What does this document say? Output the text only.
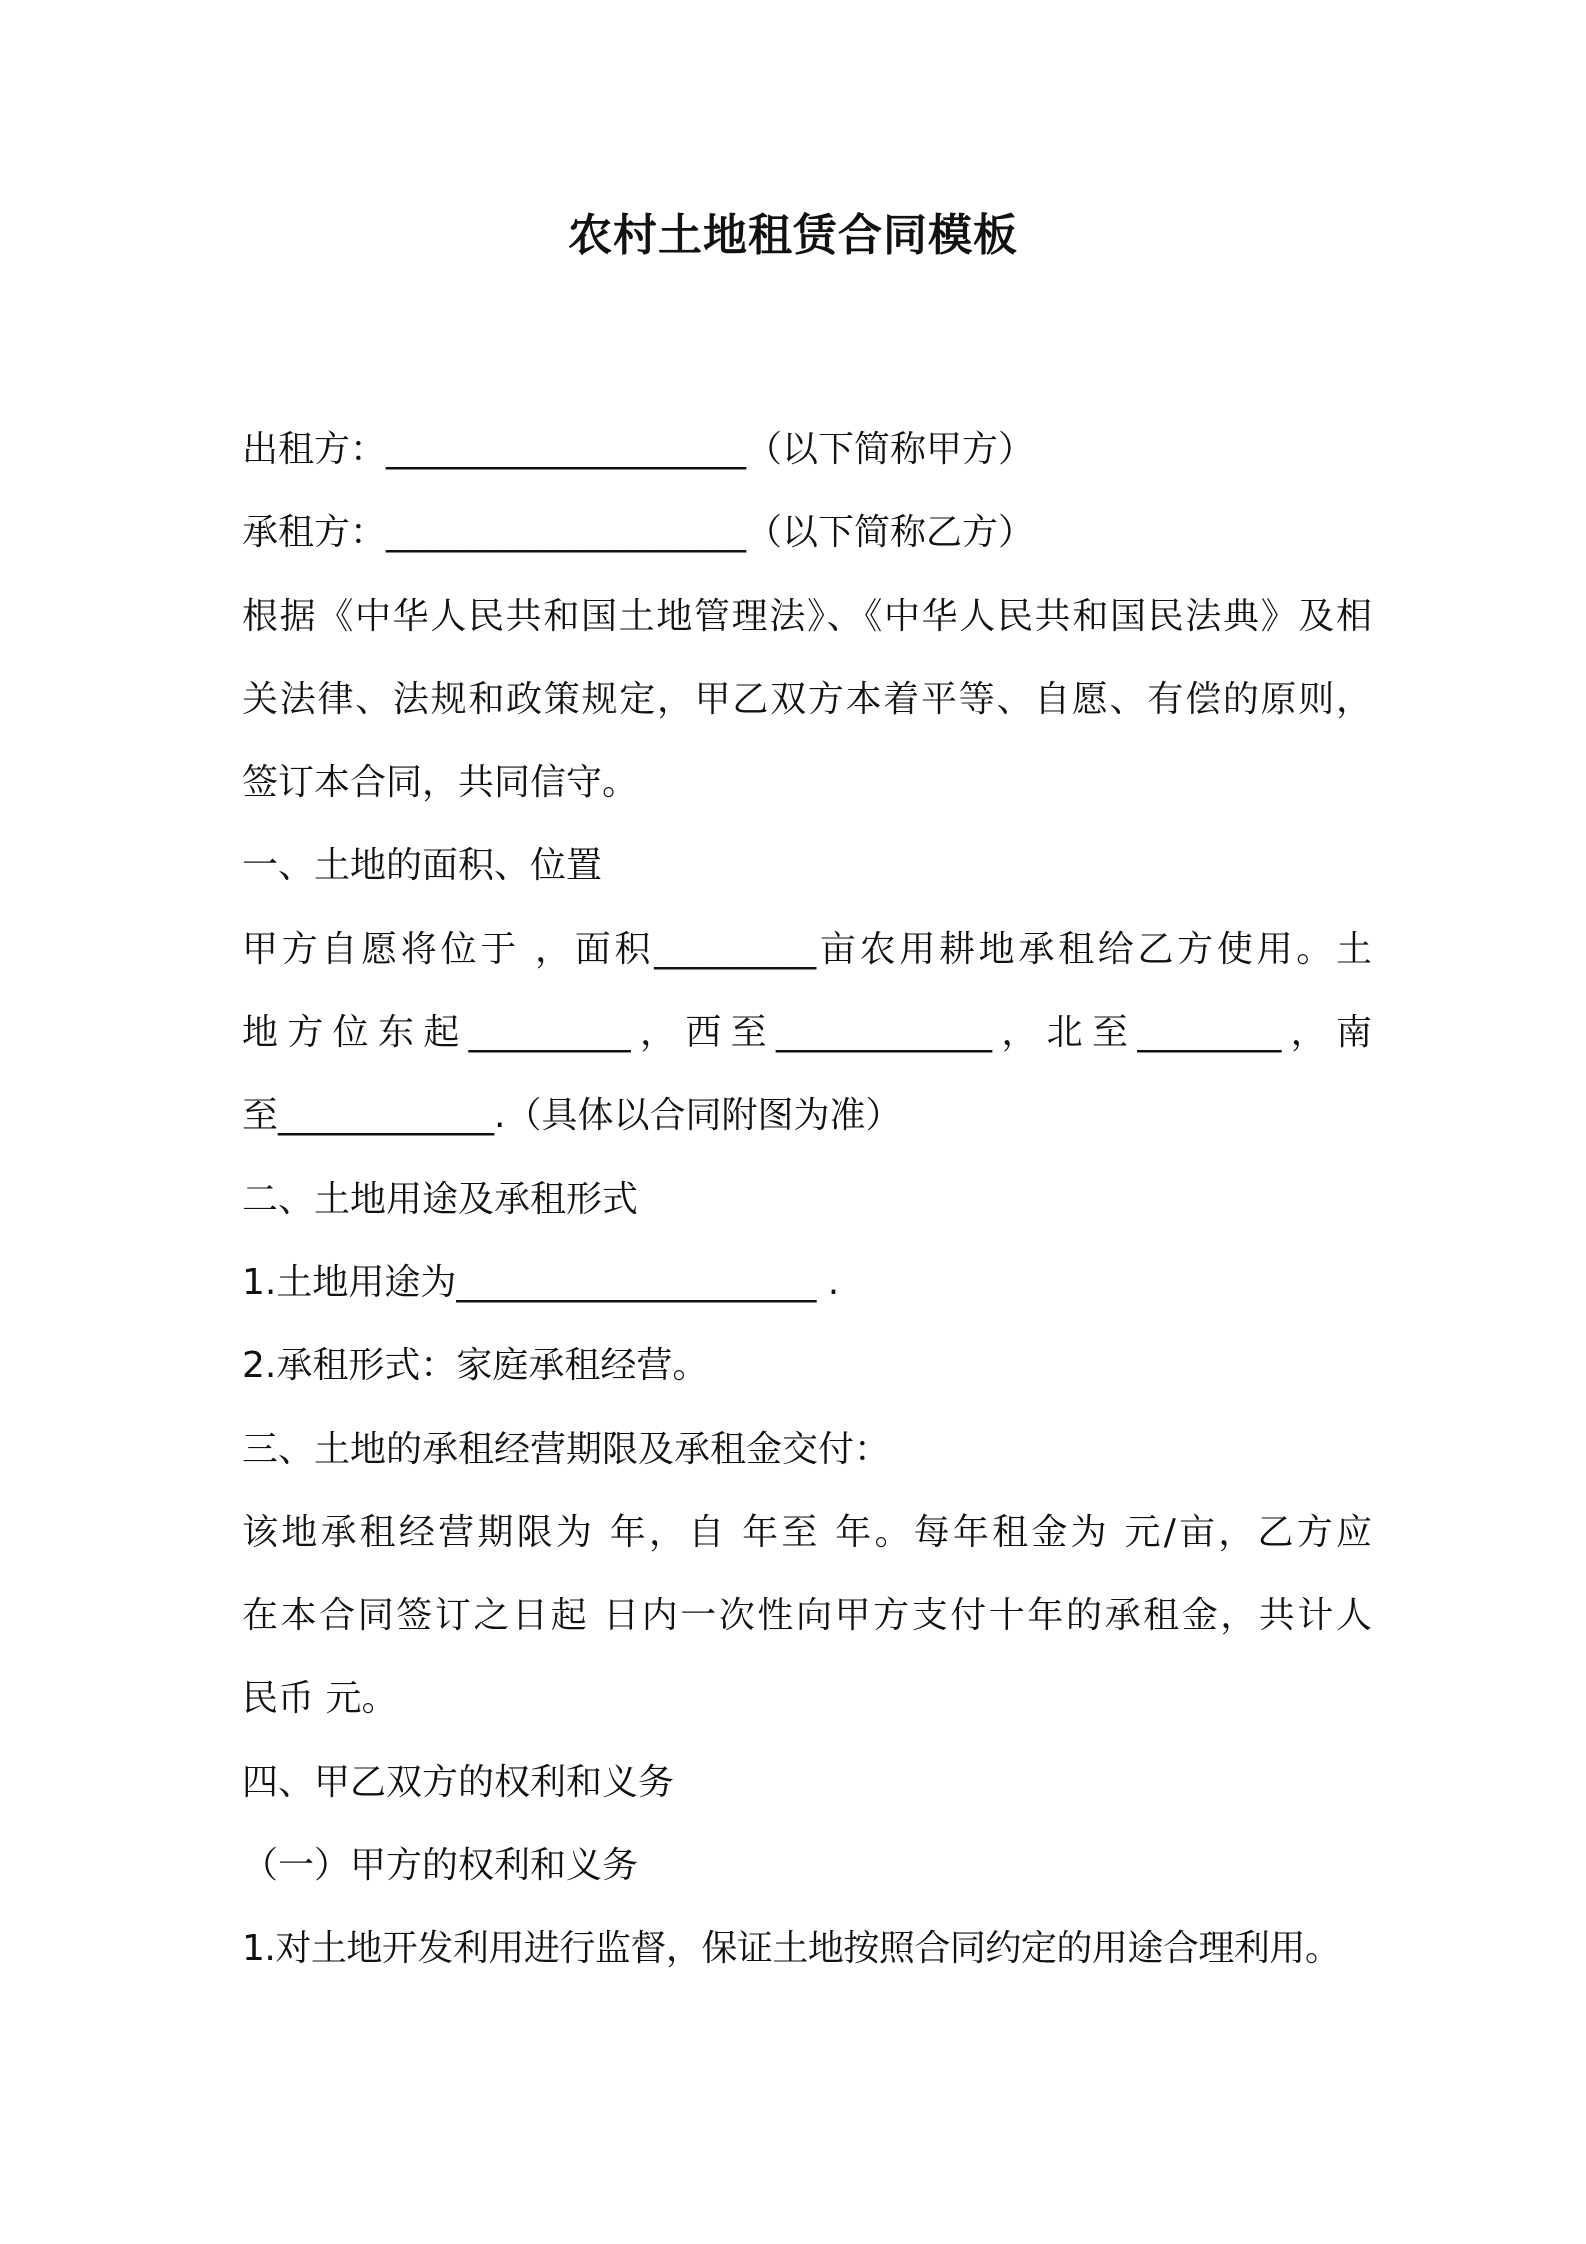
农村土地租赁合同模板
出租方：____________________（以下简称甲方）
承租方：____________________（以下简称乙方）
根据《中华人民共和国土地管理法》、《中华人民共和国民法典》及相
关法律、法规和政策规定，甲乙双方本着平等、自愿、有偿的原则，
签订本合同，共同信守。
一、土地的面积、位置
甲方自愿将位于 ，面积_________亩农用耕地承租给乙方使用。土
地方位东起_________，西至____________，北至________，南
至____________.（具体以合同附图为准）
二、土地用途及承租形式
1.土地用途为____________________ .
2.承租形式：家庭承租经营。
三、土地的承租经营期限及承租金交付：
该地承租经营期限为 年，自 年至 年。每年租金为 元/亩，乙方应
在本合同签订之日起 日内一次性向甲方支付十年的承租金，共计人
民币 元。
四、甲乙双方的权利和义务
（一）甲方的权利和义务
1.对土地开发利用进行监督，保证土地按照合同约定的用途合理利用。
